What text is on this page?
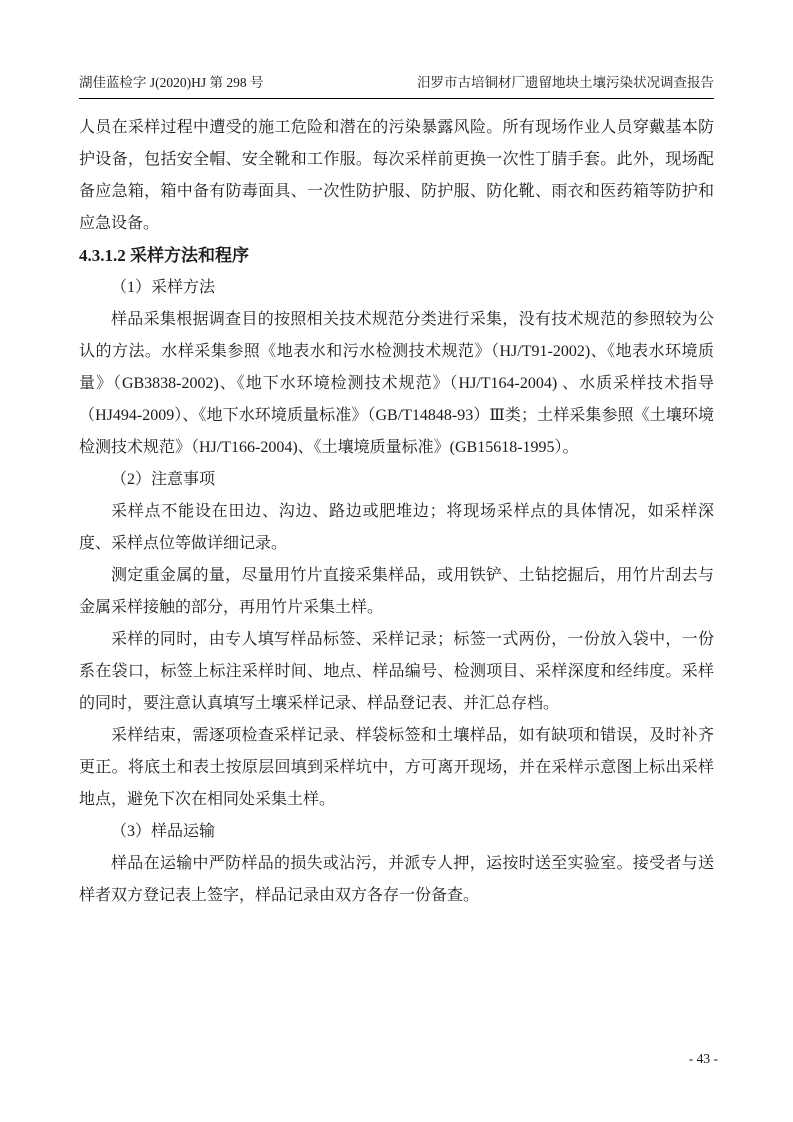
湖佳蓝检字 J(2020)HJ 第 298 号	汨罗市古培铜材厂遗留地块土壤污染状况调查报告

人员在采样过程中遭受的施工危险和潜在的污染暴露风险。所有现场作业人员穿戴基本防护设备，包括安全帽、安全靴和工作服。每次采样前更换一次性丁腈手套。此外，现场配备应急箱，箱中备有防毒面具、一次性防护服、防护服、防化靴、雨衣和医药箱等防护和应急设备。

4.3.1.2 采样方法和程序

（1）采样方法

样品采集根据调查目的按照相关技术规范分类进行采集，没有技术规范的参照较为公认的方法。水样采集参照《地表水和污水检测技术规范》（HJ/T91-2002)、《地表水环境质量》（GB3838-2002)、《地下水环境检测技术规范》（HJ/T164-2004) 、水质采样技术指导（HJ494-2009）、《地下水环境质量标准》（GB/T14848-93）Ⅲ类；土样采集参照《土壤环境检测技术规范》（HJ/T166-2004)、《土壤境质量标准》(GB15618-1995）。

（2）注意事项

采样点不能设在田边、沟边、路边或肥堆边；将现场采样点的具体情况，如采样深度、采样点位等做详细记录。

测定重金属的量，尽量用竹片直接采集样品，或用铁铲、土钻挖掘后，用竹片刮去与金属采样接触的部分，再用竹片采集土样。

采样的同时，由专人填写样品标签、采样记录；标签一式两份，一份放入袋中，一份系在袋口，标签上标注采样时间、地点、样品编号、检测项目、采样深度和经纬度。采样的同时，要注意认真填写土壤采样记录、样品登记表、并汇总存档。

采样结束，需逐项检查采样记录、样袋标签和土壤样品，如有缺项和错误，及时补齐更正。将底土和表土按原层回填到采样坑中，方可离开现场，并在采样示意图上标出采样地点，避免下次在相同处采集土样。

（3）样品运输

样品在运输中严防样品的损失或沾污，并派专人押，运按时送至实验室。接受者与送样者双方登记表上签字，样品记录由双方各存一份备查。

- 43 -
